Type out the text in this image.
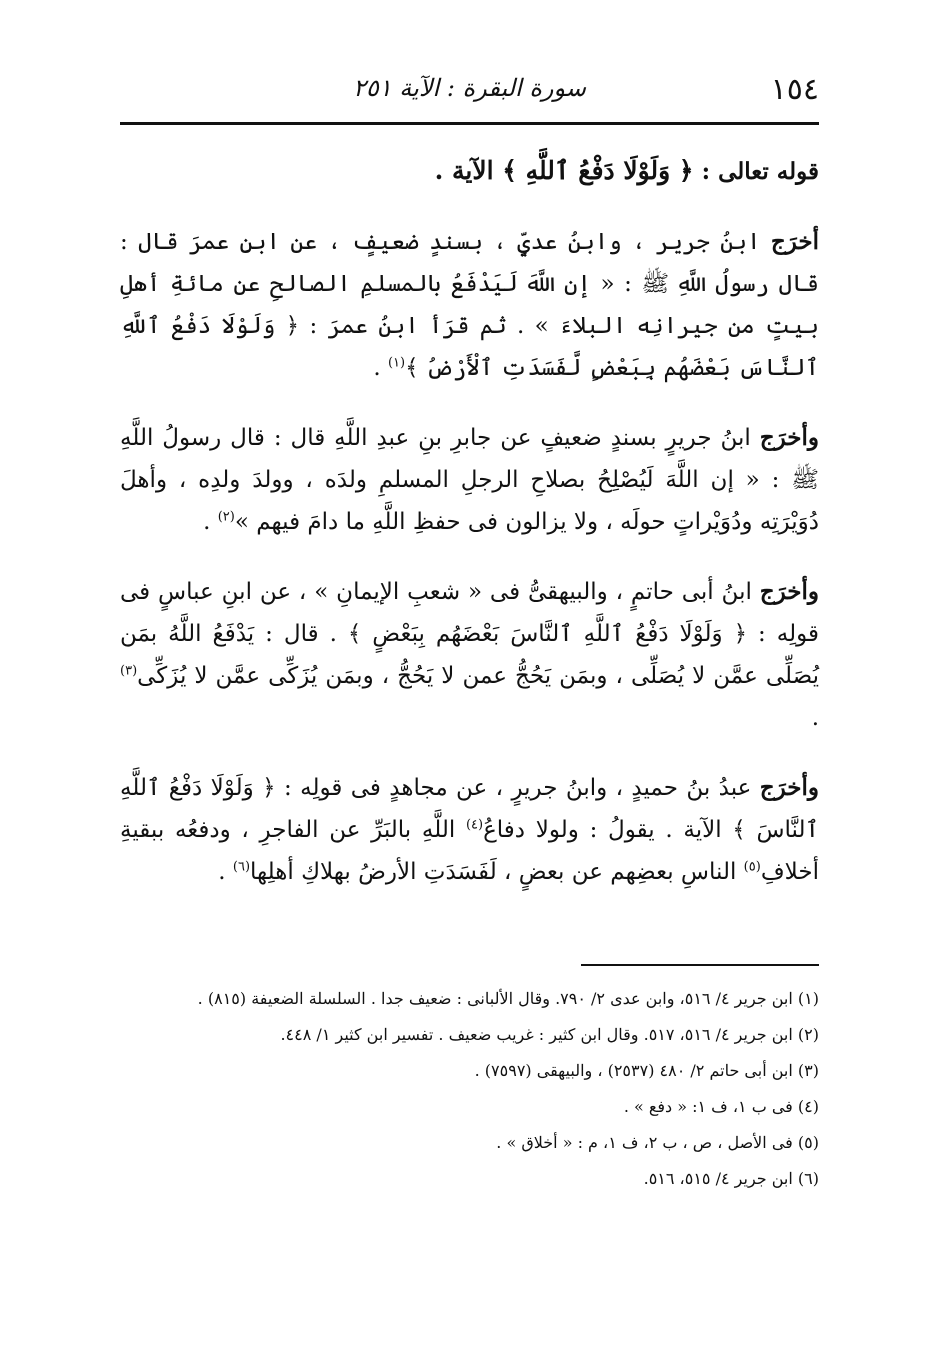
١٥٤
سورة البقرة : الآية ٢٥١

قوله تعالى : ﴿ وَلَوْلَا دَفْعُ ٱللَّهِ ﴾ الآية .

أخرَج ابنُ جرير ، وابنُ عديٍّ ، بسندٍ ضعيفٍ ، عن ابنِ عمرَ قال : قال رسولُ اللَّهِ ﷺ : « إن اللَّهَ لَيَدْفَعُ بالمسلمِ الصالحِ عن مائةِ أهلِ بيتٍ من جيرانِه البلاءَ » . ثم قرَأ ابنُ عمرَ : ﴿ وَلَوْلَا دَفْعُ ٱللَّهِ ٱلنَّاسَ بَعْضَهُم بِبَعْضٍ لَّفَسَدَتِ ٱلْأَرْضُ ﴾$^{(١)}$ .

وأخرَج ابنُ جريرٍ بسندٍ ضعيفٍ عن جابرِ بنِ عبدِ اللَّهِ قال : قال رسولُ اللَّهِ ﷺ : « إن اللَّهَ لَيُصْلِحُ بصلاحِ الرجلِ المسلمِ ولدَه ، وولدَ ولدِه ، وأهلَ دُوَيْرَتِه ودُوَيْراتٍ حولَه ، ولا يزالون فى حفظِ اللَّهِ ما دامَ فيهم »$^{(٢)}$ .

وأخرَج ابنُ أبى حاتمٍ ، والبيهقىُّ فى « شعبِ الإيمانِ » ، عن ابنِ عباسٍ فى قولِه : ﴿ وَلَوْلَا دَفْعُ ٱللَّهِ ٱلنَّاسَ بَعْضَهُم بِبَعْضٍ ﴾ . قال : يَدْفَعُ اللَّهُ بمَن يُصَلِّى عمَّن لا يُصَلِّى ، وبمَن يَحُجُّ عمن لا يَحُجُّ ، وبمَن يُزَكِّى عمَّن لا يُزَكِّى$^{(٣)}$ .

وأخرَج عبدُ بنُ حميدٍ ، وابنُ جريرٍ ، عن مجاهدٍ فى قولِه : ﴿ وَلَوْلَا دَفْعُ ٱللَّهِ ٱلنَّاسَ ﴾ الآية . يقولُ : ولولا دفاعُ$^{(٤)}$ اللَّهِ بالبَرِّ عن الفاجرِ ، ودفعُه ببقيةِ أخلافِ$^{(٥)}$ الناسِ بعضِهم عن بعضٍ ، لَفَسَدَتِ الأرضُ بهلاكِ أهلِها$^{(٦)}$ .

(١) ابن جرير ٤/ ٥١٦، وابن عدى ٢/ ٧٩٠. وقال الألبانى : ضعيف جدا . السلسلة الضعيفة (٨١٥) .

(٢) ابن جرير ٤/ ٥١٦، ٥١٧. وقال ابن كثير : غريب ضعيف . تفسير ابن كثير ١/ ٤٤٨.

(٣) ابن أبى حاتم ٢/ ٤٨٠ (٢٥٣٧) ، والبيهقى (٧٥٩٧) .

(٤) فى ب ١، ف ١: « دفع » .

(٥) فى الأصل ، ص ، ب ٢، ف ١، م : « أخلاق » .

(٦) ابن جرير ٤/ ٥١٥، ٥١٦.
